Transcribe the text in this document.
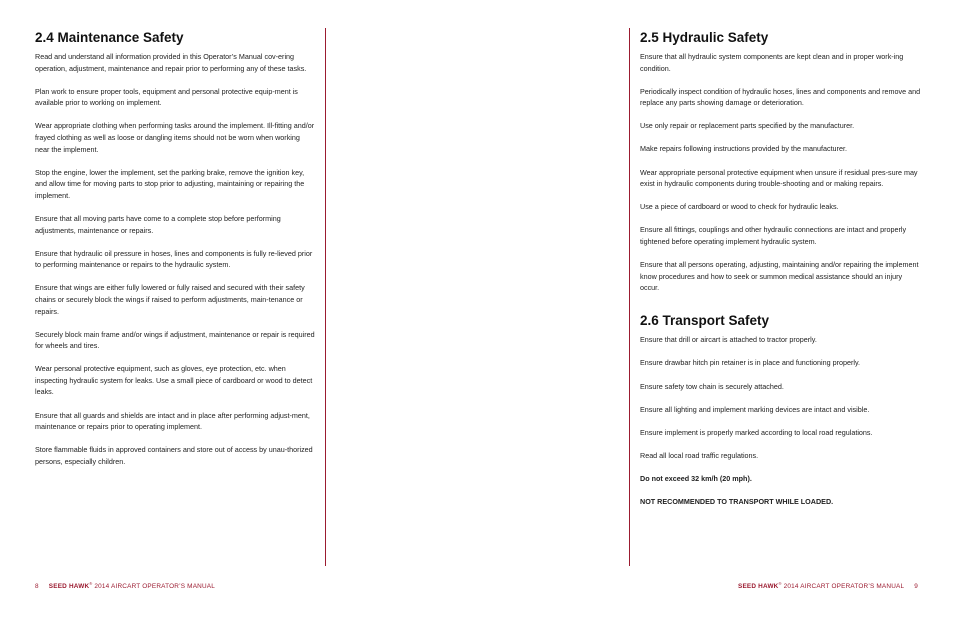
2.4 Maintenance Safety

Read and understand all information provided in this Operator’s Manual cov-ering operation, adjustment, maintenance and repair prior to performing any of these tasks.

Plan work to ensure proper tools, equipment and personal protective equip-ment is available prior to working on implement.

Wear appropriate clothing when performing tasks around the implement. Ill-fitting and/or frayed clothing as well as loose or dangling items should not be worn when working near the implement.

Stop the engine, lower the implement, set the parking brake, remove the ignition key, and allow time for moving parts to stop prior to adjusting, maintaining or repairing the implement.

Ensure that all moving parts have come to a complete stop before performing adjustments, maintenance or repairs.

Ensure that hydraulic oil pressure in hoses, lines and components is fully re-lieved prior to performing maintenance or repairs to the hydraulic system.

Ensure that wings are either fully lowered or fully raised and secured with their safety chains or securely block the wings if raised to perform adjustments, main-tenance or repairs.

Securely block main frame and/or wings if adjustment, maintenance or repair is required for wheels and tires.

Wear personal protective equipment, such as gloves, eye protection, etc. when inspecting hydraulic system for leaks. Use a small piece of cardboard or wood to detect leaks.

Ensure that all guards and shields are intact and in place after performing adjust-ment, maintenance or repairs prior to operating implement.

Store flammable fluids in approved containers and store out of access by unau-thorized persons, especially children.

2.5 Hydraulic Safety

Ensure that all hydraulic system components are kept clean and in proper work-ing condition.

Periodically inspect condition of hydraulic hoses, lines and components and remove and replace any parts showing damage or deterioration.

Use only repair or replacement parts specified by the manufacturer.

Make repairs following instructions provided by the manufacturer.

Wear appropriate personal protective equipment when unsure if residual pres-sure may exist in hydraulic components during trouble-shooting and or making repairs.

Use a piece of cardboard or wood to check for hydraulic leaks.

Ensure all fittings, couplings and other hydraulic connections are intact and properly tightened before operating implement hydraulic system.

Ensure that all persons operating, adjusting, maintaining and/or repairing the implement know procedures and how to seek or summon medical assistance should an injury occur.

2.6 Transport Safety

Ensure that drill or aircart is attached to tractor properly.

Ensure drawbar hitch pin retainer is in place and functioning properly.

Ensure safety tow chain is securely attached.

Ensure all lighting and implement marking devices are intact and visible.

Ensure implement is properly marked according to local road regulations.

Read all local road traffic regulations.

Do not exceed 32 km/h (20 mph).

NOT RECOMMENDED TO TRANSPORT WHILE LOADED.

8 SEED HAWK® 2014 AIRCART OPERATOR’S MANUAL	SEED HAWK® 2014 AIRCART OPERATOR’S MANUAL 9
